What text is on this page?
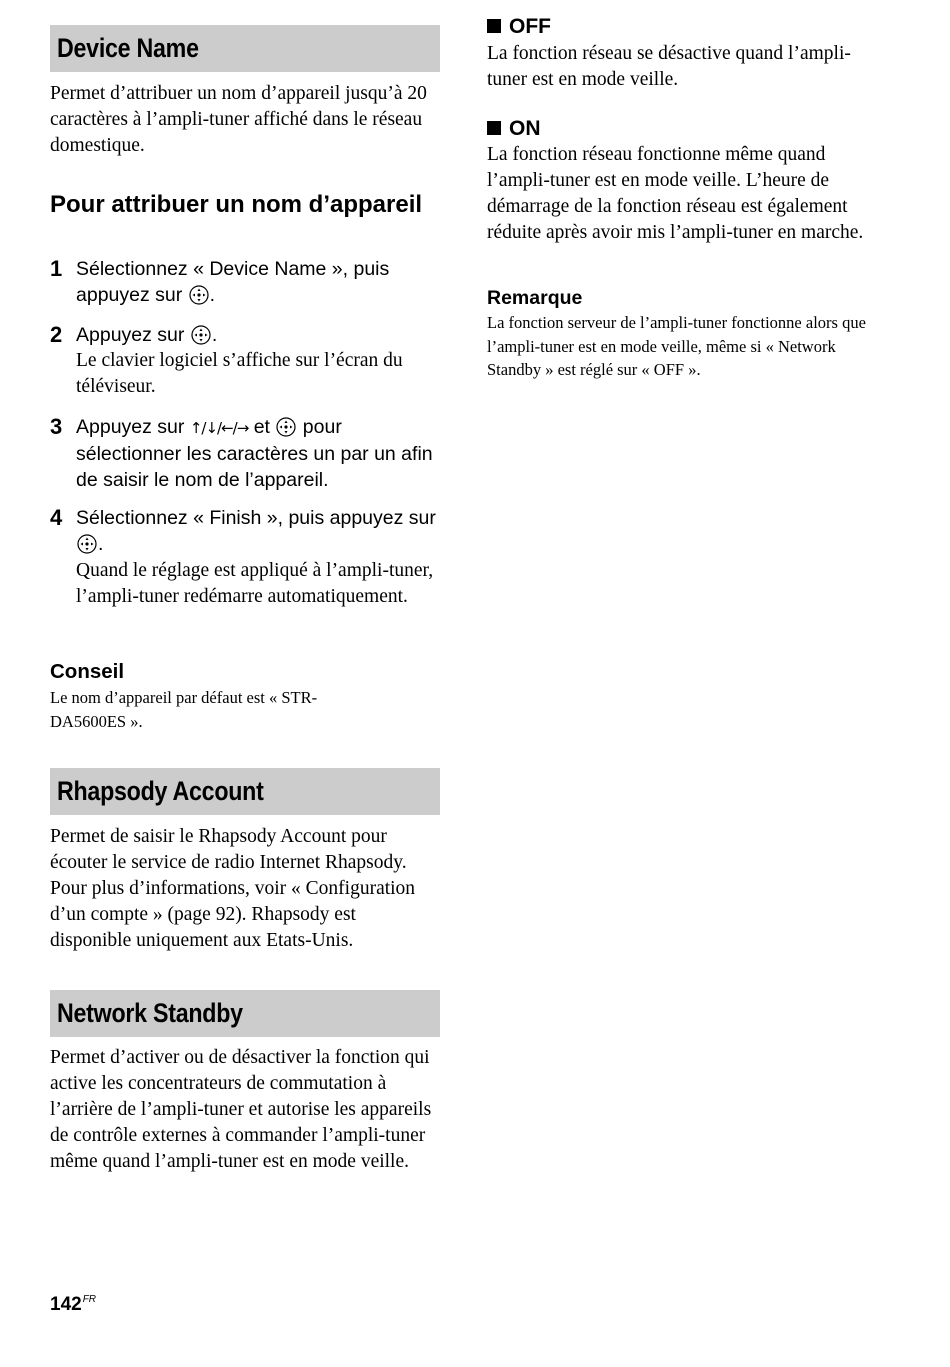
Device Name
Permet d’attribuer un nom d’appareil jusqu’à 20 caractères à l’ampli-tuner affiché dans le réseau domestique.
Pour attribuer un nom d’appareil
1 Sélectionnez « Device Name », puis appuyez sur .
2 Appuyez sur .
Le clavier logiciel s’affiche sur l’écran du téléviseur.
3 Appuyez sur ↑/↓/←/→ et pour sélectionner les caractères un par un afin de saisir le nom de l’appareil.
4 Sélectionnez « Finish », puis appuyez sur .
Quand le réglage est appliqué à l’ampli-tuner, l’ampli-tuner redémarre automatiquement.
Conseil
Le nom d’appareil par défaut est « STR-DA5600ES ».
Rhapsody Account
Permet de saisir le Rhapsody Account pour écouter le service de radio Internet Rhapsody. Pour plus d’informations, voir « Configuration d’un compte » (page 92). Rhapsody est disponible uniquement aux Etats-Unis.
Network Standby
Permet d’activer ou de désactiver la fonction qui active les concentrateurs de commutation à l’arrière de l’ampli-tuner et autorise les appareils de contrôle externes à commander l’ampli-tuner même quand l’ampli-tuner est en mode veille.
OFF
La fonction réseau se désactive quand l’ampli-tuner est en mode veille.
ON
La fonction réseau fonctionne même quand l’ampli-tuner est en mode veille. L’heure de démarrage de la fonction réseau est également réduite après avoir mis l’ampli-tuner en marche.
Remarque
La fonction serveur de l’ampli-tuner fonctionne alors que l’ampli-tuner est en mode veille, même si « Network Standby » est réglé sur « OFF ».
$142^{FR}$
